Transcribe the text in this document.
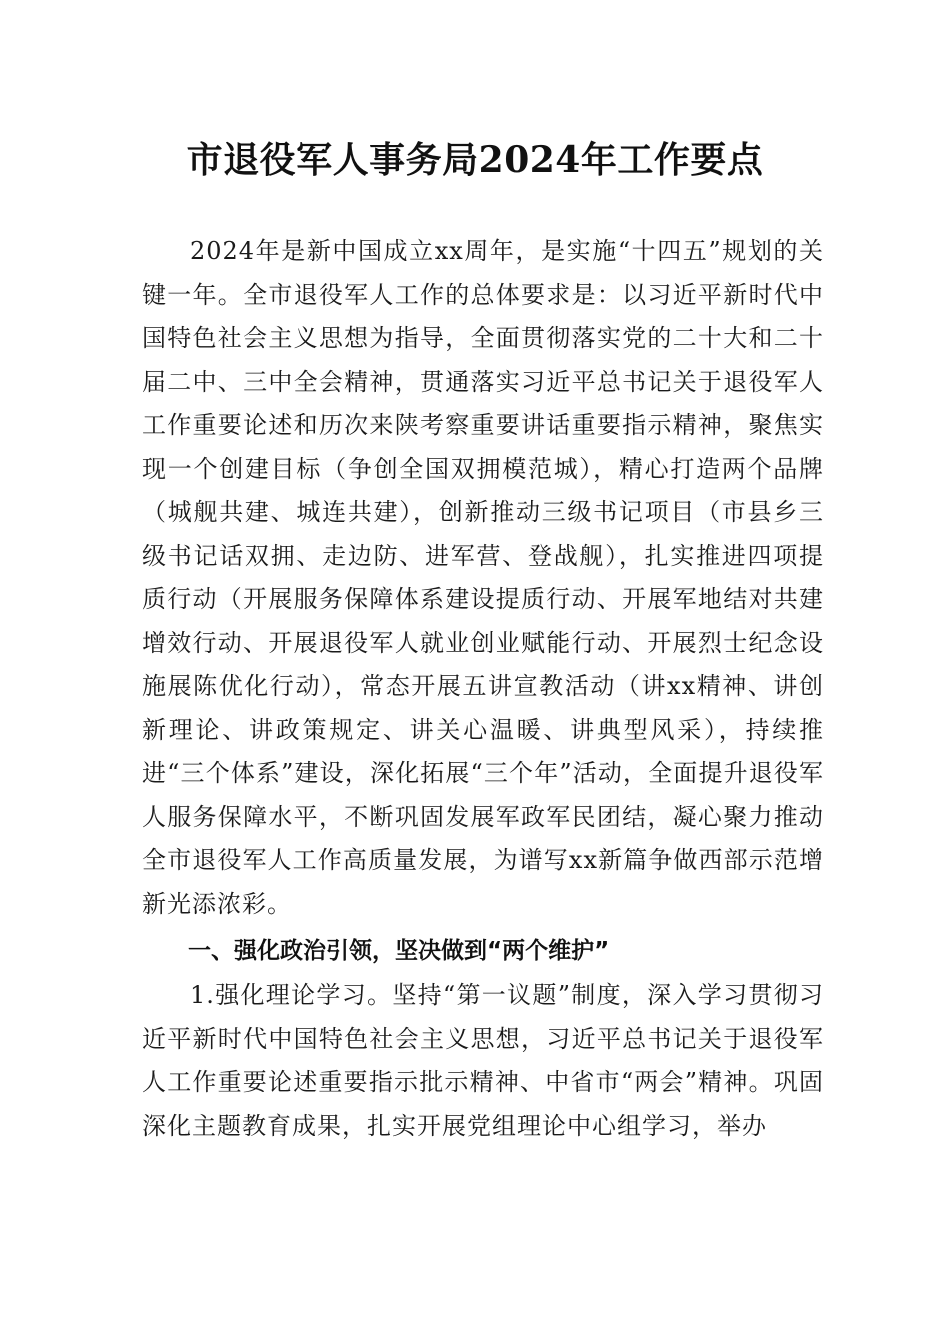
市退役军人事务局2024年工作要点

2024年是新中国成立xx周年，是实施“十四五”规划的关键一年。全市退役军人工作的总体要求是：以习近平新时代中国特色社会主义思想为指导，全面贯彻落实党的二十大和二十届二中、三中全会精神，贯通落实习近平总书记关于退役军人工作重要论述和历次来陕考察重要讲话重要指示精神，聚焦实现一个创建目标（争创全国双拥模范城），精心打造两个品牌（城舰共建、城连共建），创新推动三级书记项目（市县乡三级书记话双拥、走边防、进军营、登战舰），扎实推进四项提质行动（开展服务保障体系建设提质行动、开展军地结对共建增效行动、开展退役军人就业创业赋能行动、开展烈士纪念设施展陈优化行动），常态开展五讲宣教活动（讲xx精神、讲创新理论、讲政策规定、讲关心温暖、讲典型风采），持续推进“三个体系”建设，深化拓展“三个年”活动，全面提升退役军人服务保障水平，不断巩固发展军政军民团结，凝心聚力推动全市退役军人工作高质量发展，为谱写xx新篇争做西部示范增新光添浓彩。

一、强化政治引领，坚决做到“两个维护”

1.强化理论学习。坚持“第一议题”制度，深入学习贯彻习近平新时代中国特色社会主义思想，习近平总书记关于退役军人工作重要论述重要指示批示精神、中省市“两会”精神。巩固深化主题教育成果，扎实开展党组理论中心组学习，举办
